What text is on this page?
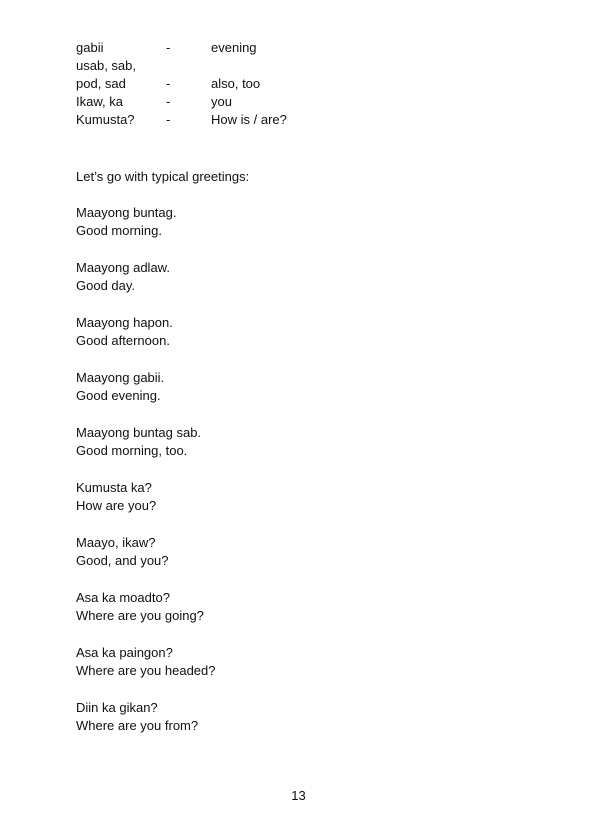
gabii	-	evening
usab, sab,
pod, sad	-	also, too
Ikaw, ka	-	you
Kumusta? -	How is / are?
Let’s go with typical greetings:
Maayong buntag.
Good morning.
Maayong adlaw.
Good day.
Maayong hapon.
Good afternoon.
Maayong gabii.
Good evening.
Maayong buntag sab.
Good morning, too.
Kumusta ka?
How are you?
Maayo, ikaw?
Good, and you?
Asa ka moadto?
Where are you going?
Asa ka paingon?
Where are you headed?
Diin ka gikan?
Where are you from?
13
